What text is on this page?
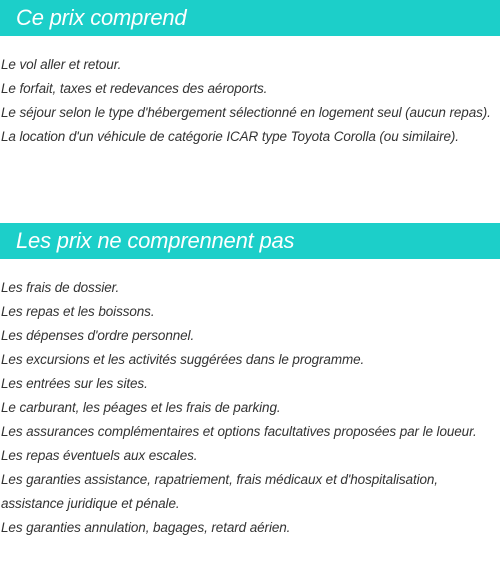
Ce prix comprend
Le vol aller et retour.
Le forfait, taxes et redevances des aéroports.
Le séjour selon le type d'hébergement sélectionné en logement seul (aucun repas).
La location d'un véhicule de catégorie ICAR type Toyota Corolla (ou similaire).
Les prix ne comprennent pas
Les frais de dossier.
Les repas et les boissons.
Les dépenses d'ordre personnel.
Les excursions et les activités suggérées dans le programme.
Les entrées sur les sites.
Le carburant, les péages et les frais de parking.
Les assurances complémentaires et options facultatives proposées par le loueur.
Les repas éventuels aux escales.
Les garanties assistance, rapatriement, frais médicaux et d'hospitalisation, assistance juridique et pénale.
Les garanties annulation, bagages, retard aérien.
